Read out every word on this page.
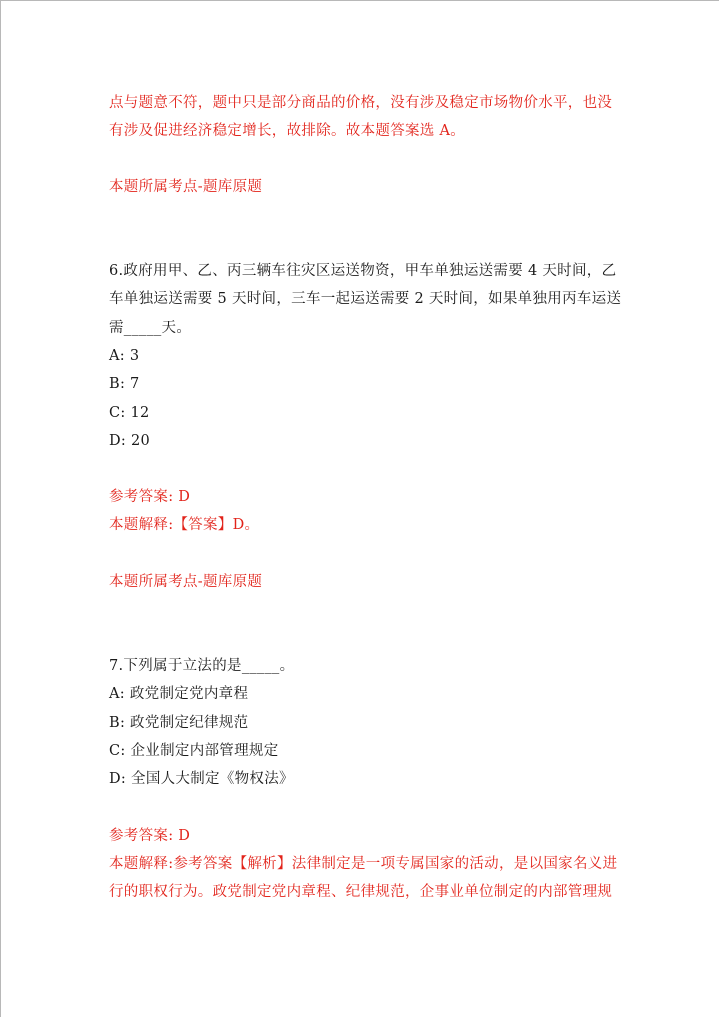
点与题意不符，题中只是部分商品的价格，没有涉及稳定市场物价水平，也没
有涉及促进经济稳定增长，故排除。故本题答案选 A。
本题所属考点-题库原题
6.政府用甲、乙、丙三辆车往灾区运送物资，甲车单独运送需要 4 天时间，乙
车单独运送需要 5 天时间，三车一起运送需要 2 天时间，如果单独用丙车运送
需_____天。
A: 3
B: 7
C: 12
D: 20
参考答案: D
本题解释:【答案】D。
本题所属考点-题库原题
7.下列属于立法的是_____。
A: 政党制定党内章程
B: 政党制定纪律规范
C: 企业制定内部管理规定
D: 全国人大制定《物权法》
参考答案: D
本题解释:参考答案【解析】法律制定是一项专属国家的活动，是以国家名义进
行的职权行为。政党制定党内章程、纪律规范，企事业单位制定的内部管理规
